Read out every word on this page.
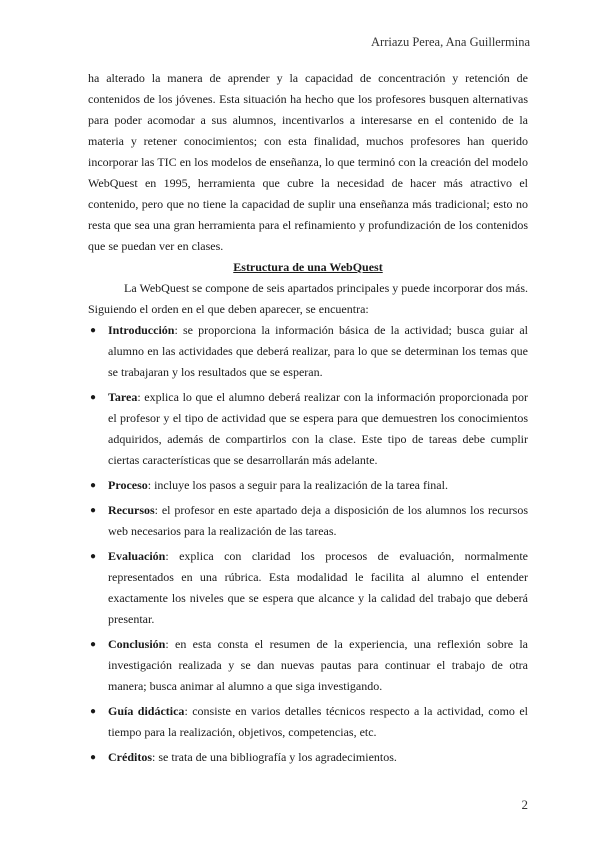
Arriazu Perea, Ana Guillermina

ha alterado la manera de aprender y la capacidad de concentración y retención de contenidos de los jóvenes. Esta situación ha hecho que los profesores busquen alternativas para poder acomodar a sus alumnos, incentivarlos a interesarse en el contenido de la materia y retener conocimientos; con esta finalidad, muchos profesores han querido incorporar las TIC en los modelos de enseñanza, lo que terminó con la creación del modelo WebQuest en 1995, herramienta que cubre la necesidad de hacer más atractivo el contenido, pero que no tiene la capacidad de suplir una enseñanza más tradicional; esto no resta que sea una gran herramienta para el refinamiento y profundización de los contenidos que se puedan ver en clases.

Estructura de una WebQuest

La WebQuest se compone de seis apartados principales y puede incorporar dos más. Siguiendo el orden en el que deben aparecer, se encuentra:

● Introducción: se proporciona la información básica de la actividad; busca guiar al alumno en las actividades que deberá realizar, para lo que se determinan los temas que se trabajaran y los resultados que se esperan.
● Tarea: explica lo que el alumno deberá realizar con la información proporcionada por el profesor y el tipo de actividad que se espera para que demuestren los conocimientos adquiridos, además de compartirlos con la clase. Este tipo de tareas debe cumplir ciertas características que se desarrollarán más adelante.
● Proceso: incluye los pasos a seguir para la realización de la tarea final.
● Recursos: el profesor en este apartado deja a disposición de los alumnos los recursos web necesarios para la realización de las tareas.
● Evaluación: explica con claridad los procesos de evaluación, normalmente representados en una rúbrica. Esta modalidad le facilita al alumno el entender exactamente los niveles que se espera que alcance y la calidad del trabajo que deberá presentar.
● Conclusión: en esta consta el resumen de la experiencia, una reflexión sobre la investigación realizada y se dan nuevas pautas para continuar el trabajo de otra manera; busca animar al alumno a que siga investigando.
● Guía didáctica: consiste en varios detalles técnicos respecto a la actividad, como el tiempo para la realización, objetivos, competencias, etc.
● Créditos: se trata de una bibliografía y los agradecimientos.
2
